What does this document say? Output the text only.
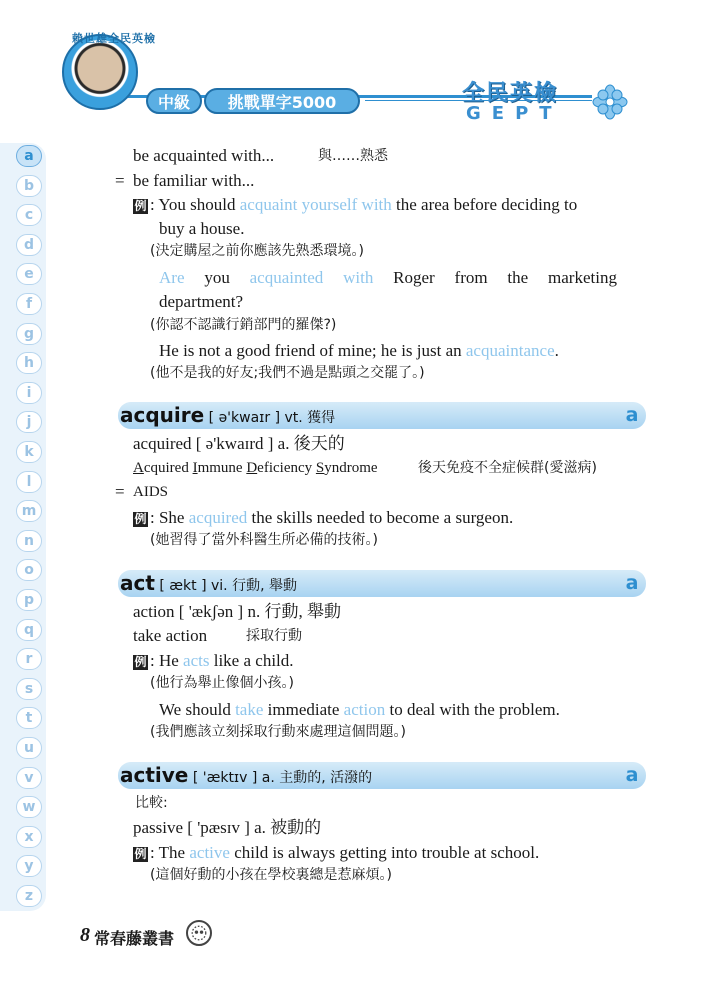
賴世雄全民英檢
中級	挑戰單字5000	全民英檢
GEPT
a
b
c
d
e
f
g
h
i
j
k
l
m
n
o
p
q
r
s
t
u
v
w
x
y
z
be acquainted with...	與……熟悉
= be familiar with...
例 : You should acquaint yourself with the area before deciding to
buy a house.
(決定購屋之前你應該先熟悉環境。)
Are you acquainted with Roger from the marketing
department?
(你認不認識行銷部門的羅傑?)
He is not a good friend of mine; he is just an acquaintance.
(他不是我的好友;我們不過是點頭之交罷了。)
acquire [ ə'kwaɪr ] vt. 獲得	a
acquired [ ə'kwaɪrd ] a. 後天的
Acquired Immune Deficiency Syndrome	後天免疫不全症候群(愛滋病)
= AIDS
例 : She acquired the skills needed to become a surgeon.
(她習得了當外科醫生所必備的技術。)
act [ ækt ] vi. 行動, 舉動	a
action [ 'ækʃən ] n. 行動, 舉動
take action	採取行動
例 : He acts like a child.
(他行為舉止像個小孩。)
We should take immediate action to deal with the problem.
(我們應該立刻採取行動來處理這個問題。)
active [ 'æktɪv ] a. 主動的, 活潑的	a
比較:
passive [ 'pæsɪv ] a. 被動的
例 : The active child is always getting into trouble at school.
(這個好動的小孩在學校裏總是惹麻煩。)
8 常春藤叢書
